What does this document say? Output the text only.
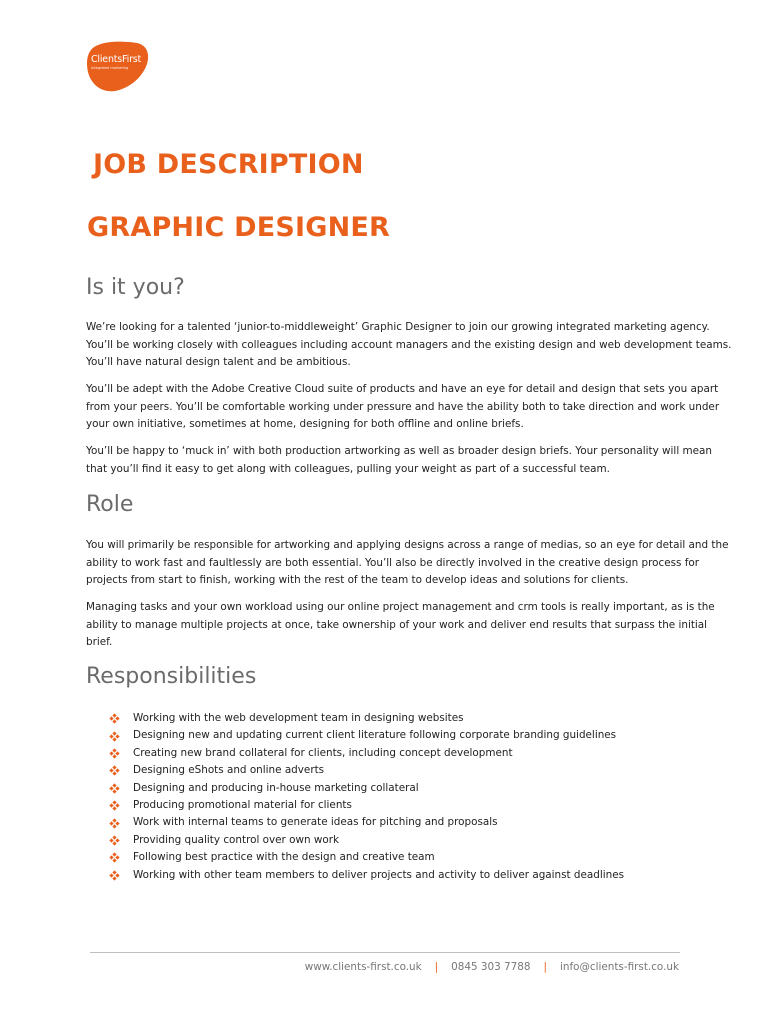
ClientsFirst
integrated marketing
JOB DESCRIPTION
GRAPHIC DESIGNER
Is it you?

We’re looking for a talented ‘junior-to-middleweight’ Graphic Designer to join our growing integrated marketing agency.
You’ll be working closely with colleagues including account managers and the existing design and web development teams.
You’ll have natural design talent and be ambitious.

You’ll be adept with the Adobe Creative Cloud suite of products and have an eye for detail and design that sets you apart
from your peers. You’ll be comfortable working under pressure and have the ability both to take direction and work under
your own initiative, sometimes at home, designing for both offline and online briefs.

You’ll be happy to ‘muck in’ with both production artworking as well as broader design briefs. Your personality will mean
that you’ll find it easy to get along with colleagues, pulling your weight as part of a successful team.

Role

You will primarily be responsible for artworking and applying designs across a range of medias, so an eye for detail and the
ability to work fast and faultlessly are both essential. You’ll also be directly involved in the creative design process for
projects from start to finish, working with the rest of the team to develop ideas and solutions for clients.

Managing tasks and your own workload using our online project management and crm tools is really important, as is the
ability to manage multiple projects at once, take ownership of your work and deliver end results that surpass the initial
brief.

Responsibilities
Working with the web development team in designing websites
Designing new and updating current client literature following corporate branding guidelines
Creating new brand collateral for clients, including concept development
Designing eShots and online adverts
Designing and producing in-house marketing collateral
Producing promotional material for clients
Work with internal teams to generate ideas for pitching and proposals
Providing quality control over own work
Following best practice with the design and creative team
Working with other team members to deliver projects and activity to deliver against deadlines
www.clients-first.co.uk | 0845 303 7788 | info@clients-first.co.uk
